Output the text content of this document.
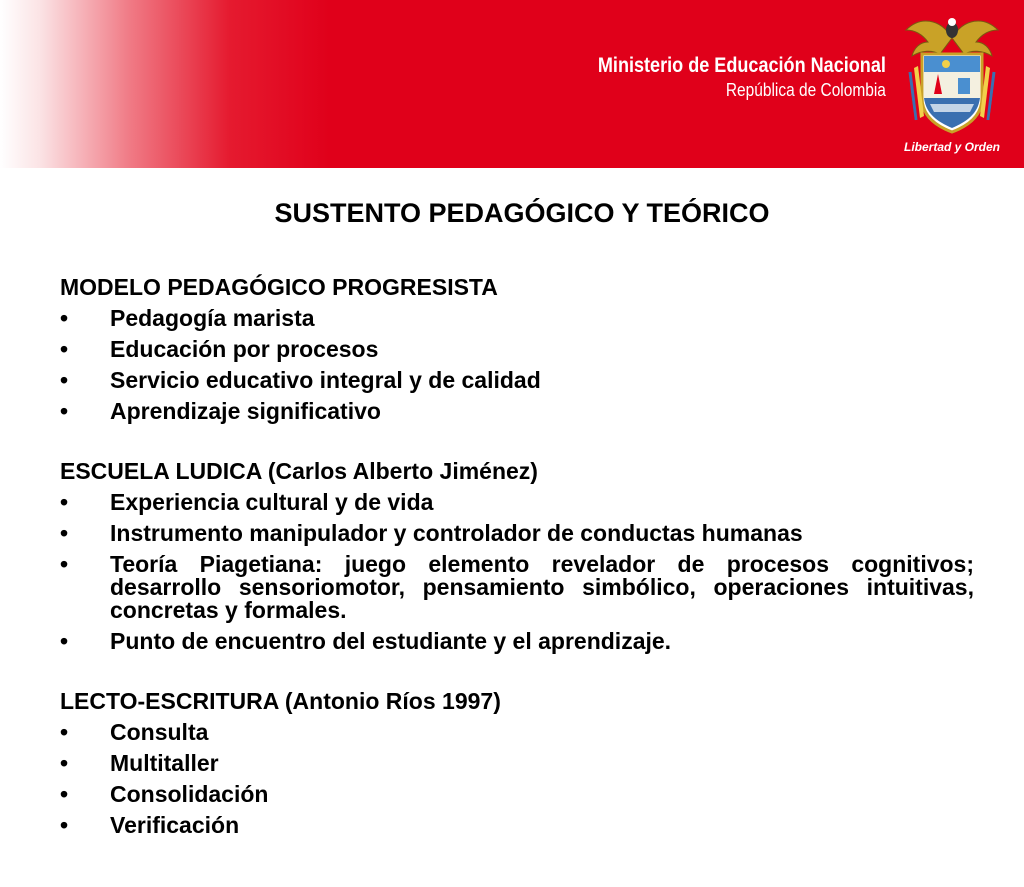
Ministerio de Educación Nacional
República de Colombia
Libertad y Orden
SUSTENTO PEDAGÓGICO Y TEÓRICO
MODELO PEDAGÓGICO PROGRESISTA
•	Pedagogía marista
•	Educación por procesos
•	Servicio educativo integral y de calidad
•	Aprendizaje significativo
ESCUELA LUDICA (Carlos Alberto Jiménez)
•	Experiencia cultural y de vida
•	Instrumento manipulador y controlador de conductas humanas
•	Teoría Piagetiana: juego elemento revelador de procesos cognitivos; desarrollo sensoriomotor, pensamiento simbólico, operaciones intuitivas, concretas y formales.
•	Punto de encuentro del estudiante y el aprendizaje.
LECTO-ESCRITURA (Antonio Ríos 1997)
•	Consulta
•	Multitaller
•	Consolidación
•	Verificación
